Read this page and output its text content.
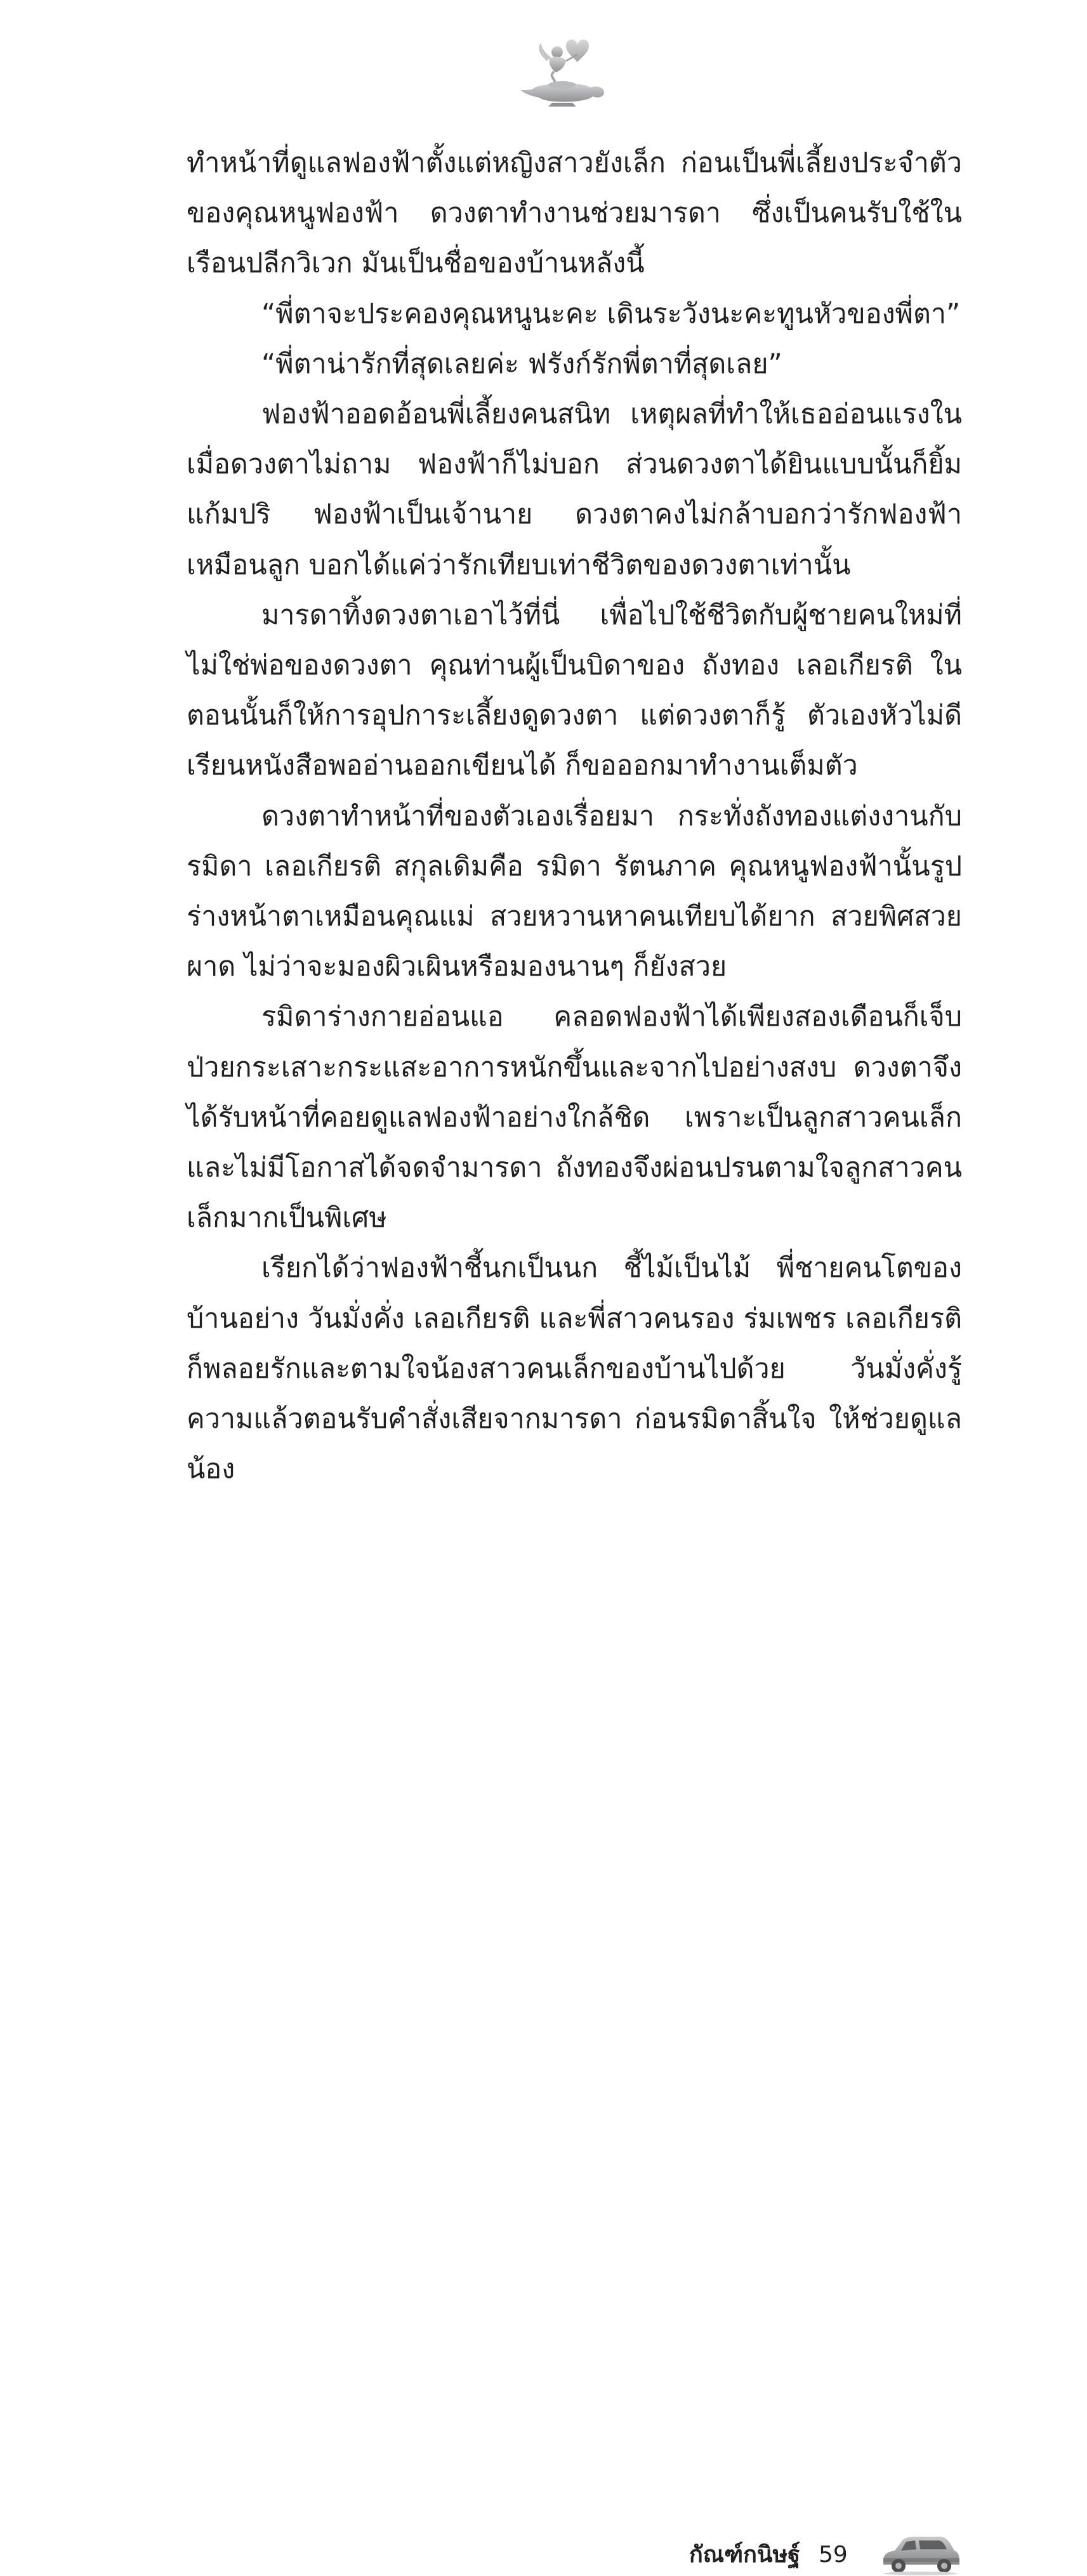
ทำหน้าที่ดูแลฟองฟ้าตั้งแต่หญิงสาวยังเล็ก ก่อนเป็นพี่เลี้ยงประจำตัวของคุณหนูฟองฟ้า ดวงตาทำงานช่วยมารดา ซึ่งเป็นคนรับใช้ในเรือนปลีกวิเวก มันเป็นชื่อของบ้านหลังนี้

“พี่ตาจะประคองคุณหนูนะคะ เดินระวังนะคะทูนหัวของพี่ตา”

“พี่ตาน่ารักที่สุดเลยค่ะ ฟรังก์รักพี่ตาที่สุดเลย”

ฟองฟ้าออดอ้อนพี่เลี้ยงคนสนิท เหตุผลที่ทำให้เธออ่อนแรงในเมื่อดวงตาไม่ถาม ฟองฟ้าก็ไม่บอก ส่วนดวงตาได้ยินแบบนั้นก็ยิ้มแก้มปริ ฟองฟ้าเป็นเจ้านาย ดวงตาคงไม่กล้าบอกว่ารักฟองฟ้าเหมือนลูก บอกได้แค่ว่ารักเทียบเท่าชีวิตของดวงตาเท่านั้น

มารดาทิ้งดวงตาเอาไว้ที่นี่ เพื่อไปใช้ชีวิตกับผู้ชายคนใหม่ที่ไม่ใช่พ่อของดวงตา คุณท่านผู้เป็นบิดาของ ถังทอง เลอเกียรติ ในตอนนั้นก็ให้การอุปการะเลี้ยงดูดวงตา แต่ดวงตาก็รู้ ตัวเองหัวไม่ดี เรียนหนังสือพออ่านออกเขียนได้ ก็ขอออกมาทำงานเต็มตัว

ดวงตาทำหน้าที่ของตัวเองเรื่อยมา กระทั่งถังทองแต่งงานกับรมิดา เลอเกียรติ สกุลเดิมคือ รมิดา รัตนภาค คุณหนูฟองฟ้านั้นรูปร่างหน้าตาเหมือนคุณแม่ สวยหวานหาคนเทียบได้ยาก สวยพิศสวยผาด ไม่ว่าจะมองผิวเผินหรือมองนานๆ ก็ยังสวย

รมิดาร่างกายอ่อนแอ คลอดฟองฟ้าได้เพียงสองเดือนก็เจ็บป่วยกระเสาะกระแสะอาการหนักขึ้นและจากไปอย่างสงบ ดวงตาจึงได้รับหน้าที่คอยดูแลฟองฟ้าอย่างใกล้ชิด เพราะเป็นลูกสาวคนเล็ก และไม่มีโอกาสได้จดจำมารดา ถังทองจึงผ่อนปรนตามใจลูกสาวคนเล็กมากเป็นพิเศษ

เรียกได้ว่าฟองฟ้าชี้นกเป็นนก ชี้ไม้เป็นไม้ พี่ชายคนโตของบ้านอย่าง วันมั่งคั่ง เลอเกียรติ และพี่สาวคนรอง ร่มเพชร เลอเกียรติก็พลอยรักและตามใจน้องสาวคนเล็กของบ้านไปด้วย วันมั่งคั่งรู้ความแล้วตอนรับคำสั่งเสียจากมารดา ก่อนรมิดาสิ้นใจ ให้ช่วยดูแลน้อง

กัณฑ์กนิษฐ์ 59
